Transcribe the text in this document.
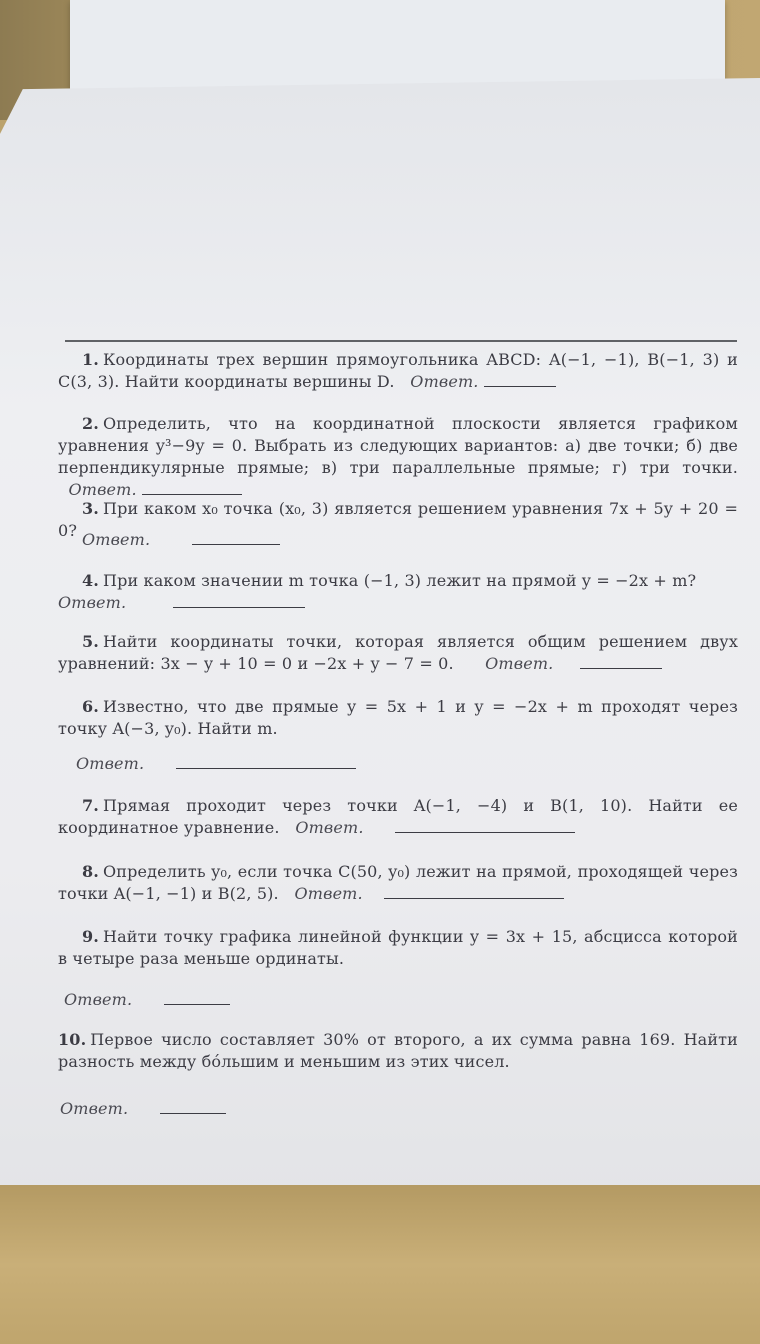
1. Координаты трех вершин прямоугольника ABCD: A(−1, −1), B(−1, 3) и C(3, 3). Найти координаты вершины D. Ответ.
2. Определить, что на координатной плоскости является графиком уравнения y³−9y = 0. Выбрать из следующих вариантов: а) две точки; б) две перпендикулярные прямые; в) три параллельные прямые; г) три точки.   Ответ.
3. При каком x₀ точка (x₀, 3) является решением уравнения 7x + 5y + 20 = 0? Ответ.
4. При каком значении m точка (−1, 3) лежит на прямой y = −2x + m?
Ответ.
5. Найти координаты точки, которая является общим решением двух уравнений: 3x − y + 10 = 0 и −2x + y − 7 = 0. Ответ.
6. Известно, что две прямые y = 5x + 1 и y = −2x + m проходят через точку A(−3, y₀). Найти m.
Ответ.
7. Прямая проходит через точки A(−1, −4) и B(1, 10). Найти ее координатное уравнение. Ответ.
8. Определить y₀, если точка C(50, y₀) лежит на прямой, проходящей через точки A(−1, −1) и B(2, 5). Ответ.
9. Найти точку графика линейной функции y = 3x + 15, абсцисса которой в четыре раза меньше ординаты.
Ответ.
10. Первое число составляет 30% от второго, а их сумма равна 169. Найти разность между бо́льшим и меньшим из этих чисел.
Ответ.
